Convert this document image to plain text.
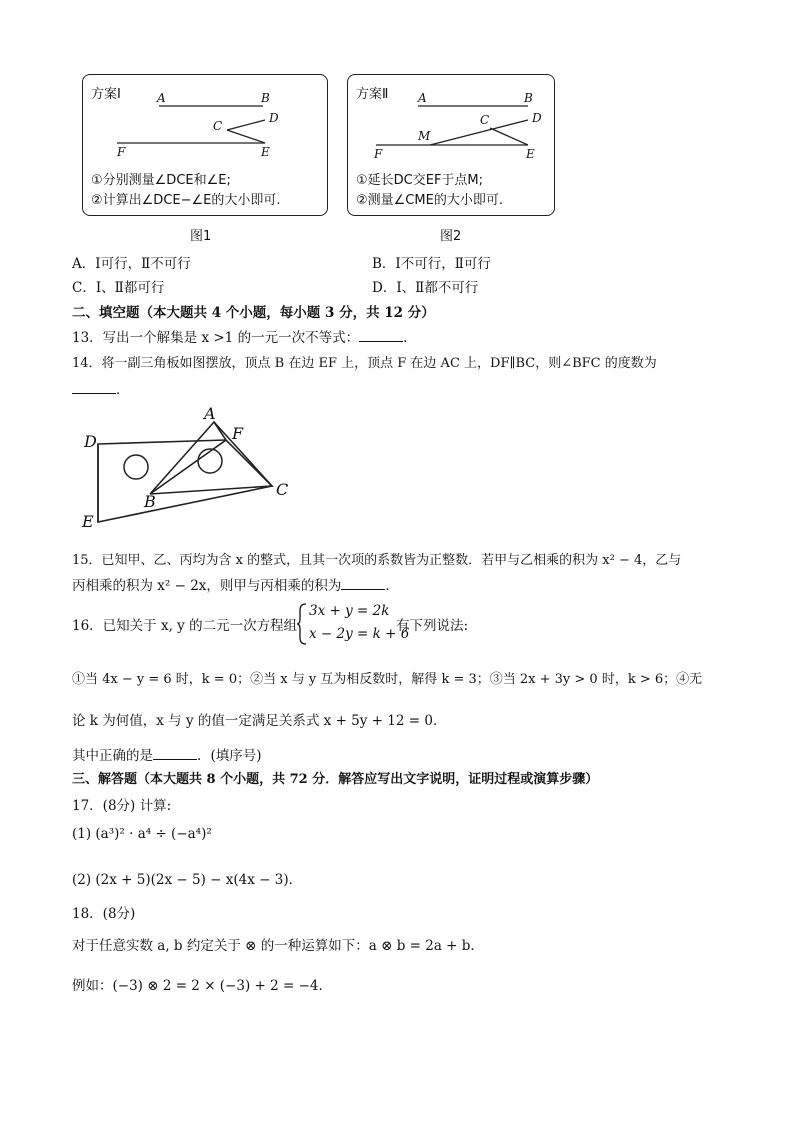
方案Ⅰ	A	B
C
D
F	E
①分别测量∠DCE和∠E;
②计算出∠DCE−∠E的大小即可.
图1
方案Ⅱ A	B
C	D
M
F	E
①延长DC交EF于点M;
②测量∠CME的大小即可.
图2
A．Ⅰ可行，Ⅱ不可行	B．Ⅰ不可行，Ⅱ可行
C．Ⅰ、Ⅱ都可行	D．Ⅰ、Ⅱ都不可行
二、填空题（本大题共 4 个小题，每小题 3 分，共 12 分）
13．写出一个解集是 x >1 的一元一次不等式：	．
14．将一副三角板如图摆放，顶点 B 在边 EF 上，顶点 F 在边 AC 上，DF∥BC，则∠BFC 的度数为
．
A
F
D
C
B
E
15．已知甲、乙、丙均为含 x 的整式，且其一次项的系数皆为正整数．若甲与乙相乘的积为 x² − 4，乙与
丙相乘的积为 x² − 2x，则甲与丙相乘的积为	．
16．已知关于 x, y 的二元一次方程组
3x + y = 2k
x − 2y = k + 6
有下列说法:
①当 4x − y = 6 时，k = 0；②当 x 与 y 互为相反数时，解得 k = 3；③当 2x + 3y > 0 时，k > 6；④无
论 k 为何值，x 与 y 的值一定满足关系式 x + 5y + 12 = 0．
其中正确的是	．(填序号)
三、解答题（本大题共 8 个小题，共 72 分．解答应写出文字说明，证明过程或演算步骤）
17．(8分) 计算:
(1) (a³)² · a⁴ ÷ (−a⁴)²
(2) (2x + 5)(2x − 5) − x(4x − 3)．
18．(8分)
对于任意实数 a, b 约定关于 ⊗ 的一种运算如下：a ⊗ b = 2a + b．
例如：(−3) ⊗ 2 = 2 × (−3) + 2 = −4．
